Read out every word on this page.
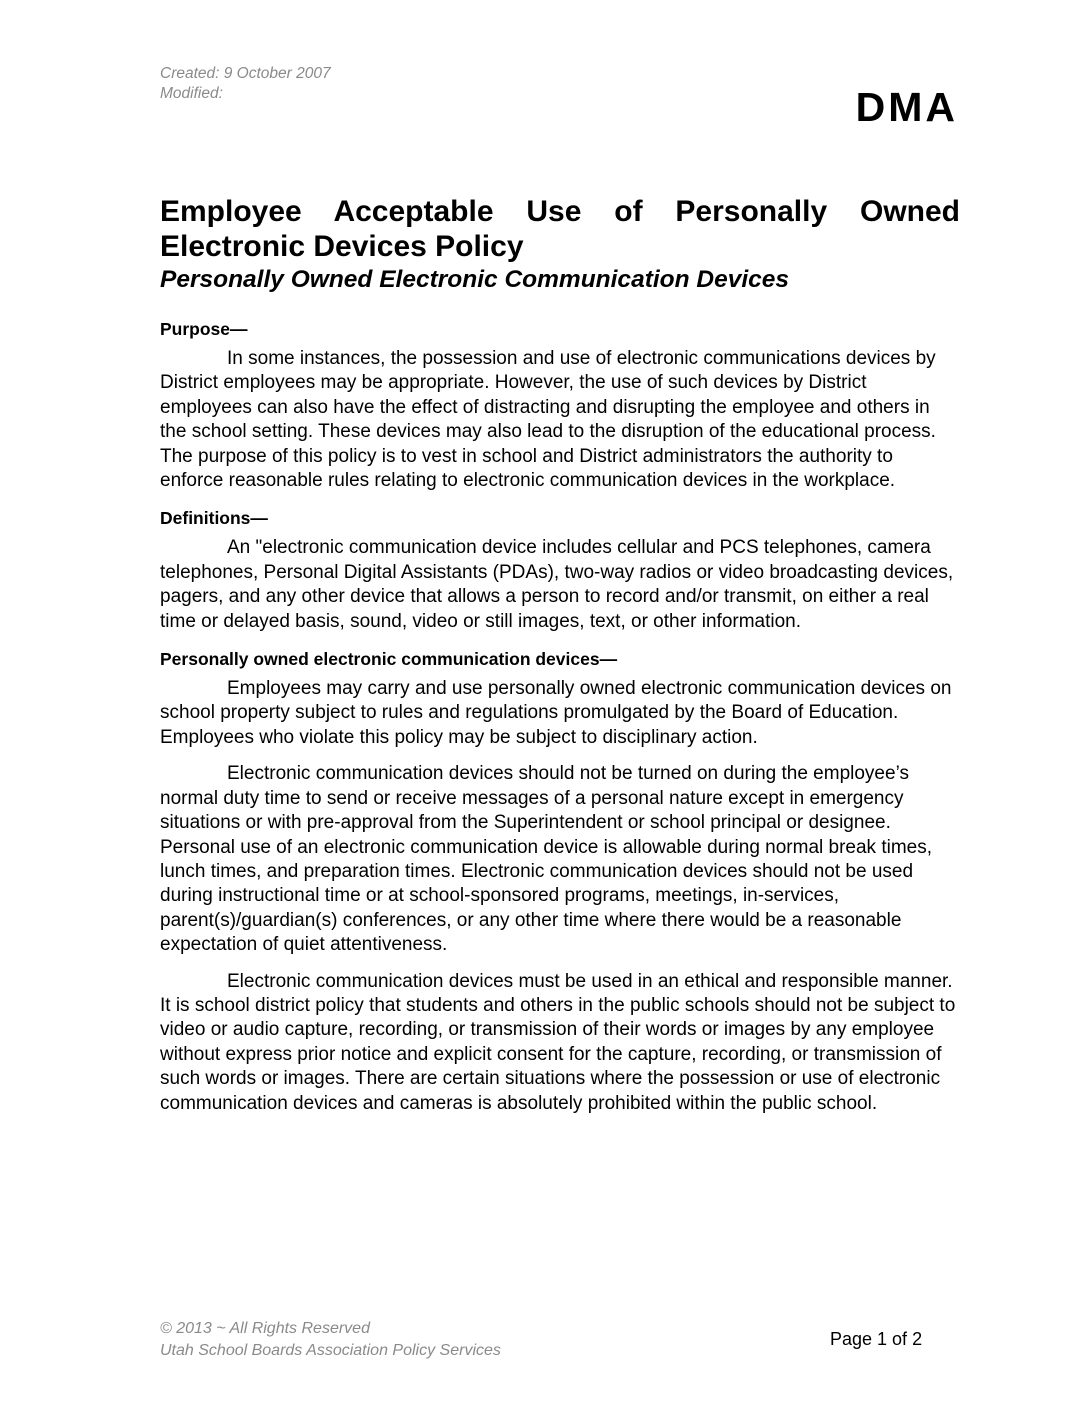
Created: 9 October 2007
Modified:	DMA
Employee Acceptable Use of Personally Owned Electronic Devices Policy
Personally Owned Electronic Communication Devices
Purpose—

In some instances, the possession and use of electronic communications devices by District employees may be appropriate. However, the use of such devices by District employees can also have the effect of distracting and disrupting the employee and others in the school setting. These devices may also lead to the disruption of the educational process. The purpose of this policy is to vest in school and District administrators the authority to enforce reasonable rules relating to electronic communication devices in the workplace.

Definitions—

An "electronic communication device includes cellular and PCS telephones, camera telephones, Personal Digital Assistants (PDAs), two-way radios or video broadcasting devices, pagers, and any other device that allows a person to record and/or transmit, on either a real time or delayed basis, sound, video or still images, text, or other information.

Personally owned electronic communication devices—

Employees may carry and use personally owned electronic communication devices on school property subject to rules and regulations promulgated by the Board of Education. Employees who violate this policy may be subject to disciplinary action.

Electronic communication devices should not be turned on during the employee’s normal duty time to send or receive messages of a personal nature except in emergency situations or with pre-approval from the Superintendent or school principal or designee. Personal use of an electronic communication device is allowable during normal break times, lunch times, and preparation times. Electronic communication devices should not be used during instructional time or at school-sponsored programs, meetings, in-services, parent(s)/guardian(s) conferences, or any other time where there would be a reasonable expectation of quiet attentiveness.

Electronic communication devices must be used in an ethical and responsible manner. It is school district policy that students and others in the public schools should not be subject to video or audio capture, recording, or transmission of their words or images by any employee without express prior notice and explicit consent for the capture, recording, or transmission of such words or images. There are certain situations where the possession or use of electronic communication devices and cameras is absolutely prohibited within the public school.

© 2013 ~ All Rights Reserved
Utah School Boards Association Policy Services
Page 1 of 2
